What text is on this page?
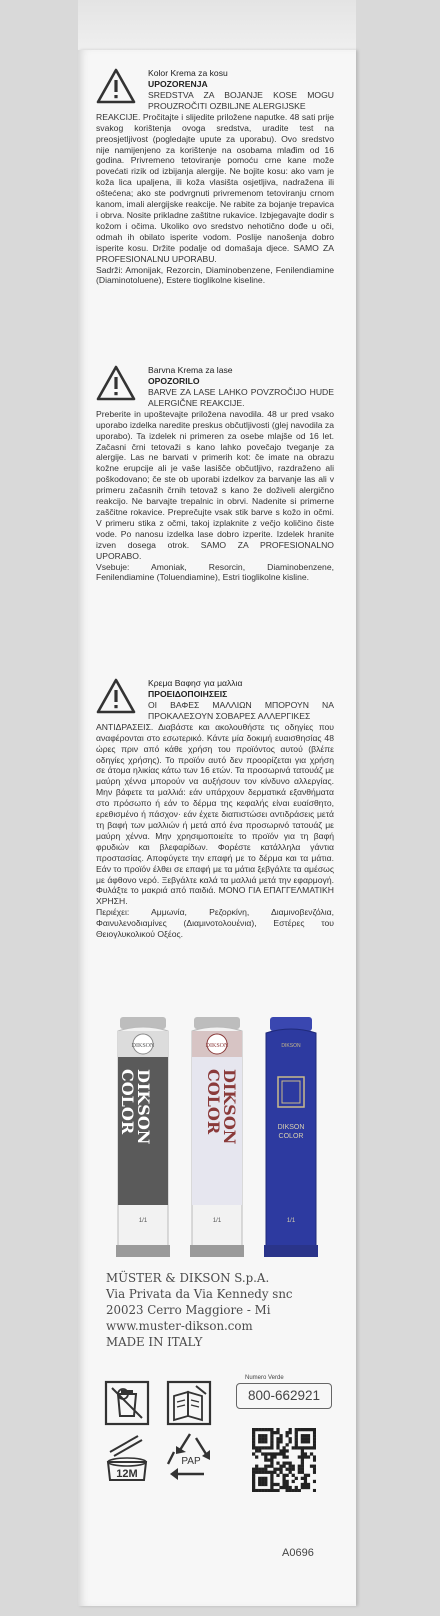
Kolor Krema za kosu
UPOZORENJA
SREDSTVA ZA BOJANJE KOSE MOGU PROUZROČITI OZBILJNE ALERGIJSKE
REAKCIJE. Pročitajte i slijedite priložene naputke. 48 sati prije svakog korištenja ovoga sredstva, uradite test na preosjetljivost (pogledajte upute za uporabu). Ovo sredstvo nije namijenjeno za korištenje na osobama mlađim od 16 godina. Privremeno tetoviranje pomoću crne kane može povećati rizik od izbijanja alergije. Ne bojite kosu: ako vam je koža lica upaljena, ili koža vlasišta osjetljiva, nadražena ili oštećena; ako ste podvrgnuti privremenom tetoviranju crnom kanom, imali alergijske reakcije. Ne rabite za bojanje trepavica i obrva. Nosite prikladne zaštitne rukavice. Izbjegavajte dodir s kožom i očima. Ukoliko ovo sredstvo nehotično dođe u oči, odmah ih obilato isperite vodom. Poslije nanošenja dobro isperite kosu. Držite podalje od domašaja djece. SAMO ZA PROFESIONALNU UPORABU.
Sadrži: Amonijak, Rezorcin, Diaminobenzene, Fenilendiamine (Diaminotoluene), Estere tioglikolne kiseline.
Barvna Krema za lase
OPOZORILO
BARVE ZA LASE LAHKO POVZROČIJO HUDE ALERGIČNE REAKCIJE.
Preberite in upoštevajte priložena navodila. 48 ur pred vsako uporabo izdelka naredite preskus občutljivosti (glej navodila za uporabo). Ta izdelek ni primeren za osebe mlajše od 16 let. Začasni črni tetovaži s kano lahko povečajo tveganje za alergije. Las ne barvati v primerih kot: če imate na obrazu kožne erupcije ali je vaše lasišče občutljivo, razdraženo ali poškodovano; če ste ob uporabi izdelkov za barvanje las ali v primeru začasnih črnih tetovaž s kano že doživeli alergično reakcijo. Ne barvajte trepalnic in obrvi. Nadenite si primerne zaščitne rokavice. Preprečujte vsak stik barve s kožo in očmi. V primeru stika z očmi, takoj izplaknite z večjo količino čiste vode. Po nanosu izdelka lase dobro izperite. Izdelek hranite izven dosega otrok. SAMO ZA PROFESIONALNO UPORABO.
Vsebuje: Amoniak, Resorcin, Diaminobenzene, Fenilendiamine (Toluendiamine), Estri tioglikolne kisline.
Κρεμα Βαφησ για μαλλια
ΠΡΟΕΙΔΟΠΟΙΗΣΕΙΣ
ΟΙ ΒΑΦΕΣ ΜΑΛΛΙΩΝ ΜΠΟΡΟΥΝ ΝΑ ΠΡΟΚΑΛΕΣΟΥΝ ΣΟΒΑΡΕΣ ΑΛΛΕΡΓΙΚΕΣ
ΑΝΤΙΔΡΑΣΕΙΣ. Διαβάστε και ακολουθήστε τις οδηγίες που αναφέρονται στο εσωτερικό. Κάντε μία δοκιμή ευαισθησίας 48 ώρες πριν από κάθε χρήση του προϊόντος αυτού (βλέπε οδηγίες χρήσης). Το προϊόν αυτό δεν προορίζεται για χρήση σε άτομα ηλικίας κάτω των 16 ετών. Τα προσωρινά τατουάζ με μαύρη χέννα μπορούν να αυξήσουν τον κίνδυνο αλλεργίας. Μην βάφετε τα μαλλιά: εάν υπάρχουν δερματικά εξανθήματα στο πρόσωπο ή εάν το δέρμα της κεφαλής είναι ευαίσθητο, ερεθισμένο ή πάσχον· εάν έχετε διαπιστώσει αντιδράσεις μετά τη βαφή των μαλλιών ή μετά από ένα προσωρινό τατουάζ με μαύρη χέννα. Μην χρησιμοποιείτε το προϊόν για τη βαφή φρυδιών και βλεφαρίδων. Φορέστε κατάλληλα γάντια προστασίας. Αποφύγετε την επαφή με το δέρμα και τα μάτια. Εάν το προϊόν έλθει σε επαφή με τα μάτια ξεβγάλτε τα αμέσως με άφθονο νερό. Ξεβγάλτε καλά τα μαλλιά μετά την εφαρμογή. Φυλάξτε το μακριά από παιδιά. ΜΟΝΟ ΓΙΑ ΕΠΑΓΓΕΛΜΑΤΙΚΗ ΧΡΗΣΗ.
Περιέχει: Αμμωνία, Ρεζορκίνη, Διαμινοβενζόλια, Φαινυλενοδιαμίνες (Διαμινοτολουένια), Εστέρες του Θειογλυκολικού Οξέος.
DIKSON
DIKSON
COLOR
1/1
DIKSON
DIKSON
COLOR
1/1
DIKSON
DIKSON
COLOR
1/1
MÜSTER & DIKSON S.p.A.
Via Privata da Via Kennedy snc
20023 Cerro Maggiore - Mi
www.muster-dikson.com
MADE IN ITALY
12M
PAP
Numero Verde
800-662921
A0696
